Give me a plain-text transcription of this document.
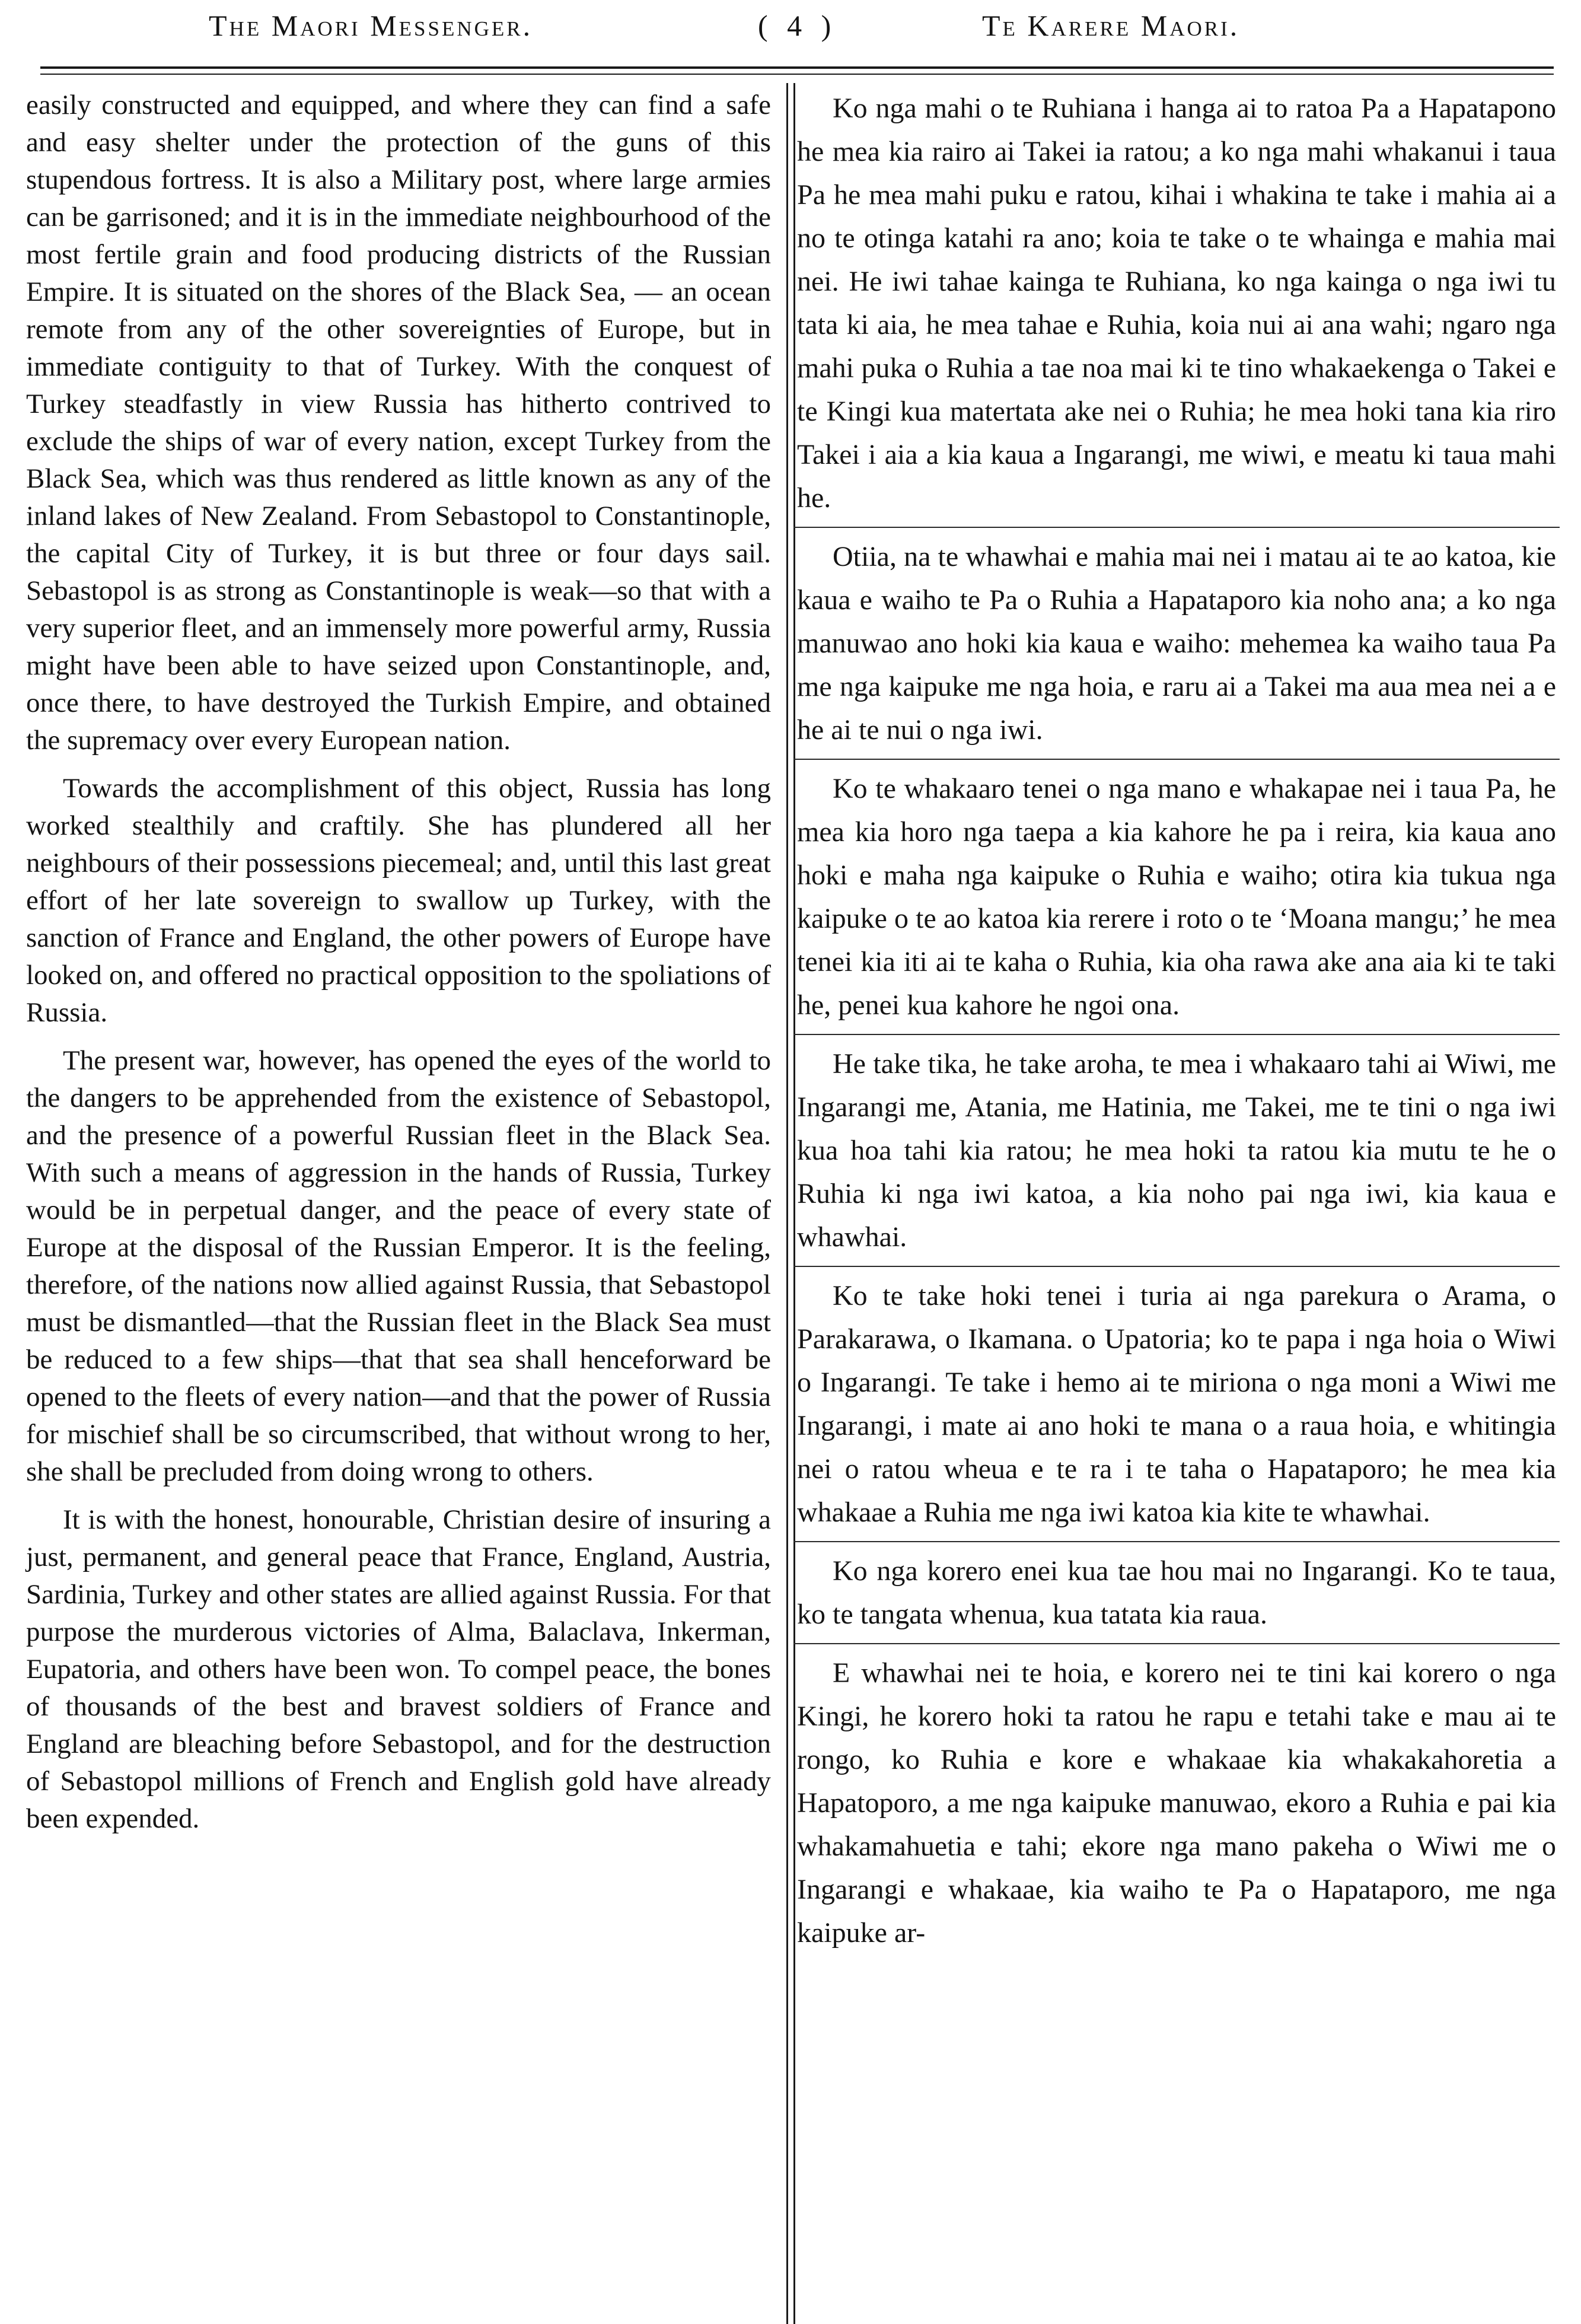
The Maori Messenger.	( 4 )	Te Karere Maori.

easily constructed and equipped, and where they can find a safe and easy shelter under the protection of the guns of this stupendous fortress. It is also a Military post, where large armies can be garrisoned; and it is in the immediate neighbourhood of the most fertile grain and food producing districts of the Russian Empire. It is situated on the shores of the Black Sea, — an ocean remote from any of the other sovereignties of Europe, but in immediate contiguity to that of Turkey. With the conquest of Turkey steadfastly in view Russia has hitherto contrived to exclude the ships of war of every nation, except Turkey from the Black Sea, which was thus rendered as little known as any of the inland lakes of New Zealand. From Sebastopol to Constantinople, the capital City of Turkey, it is but three or four days sail. Sebastopol is as strong as Constantinople is weak—so that with a very superior fleet, and an immensely more powerful army, Russia might have been able to have seized upon Constantinople, and, once there, to have destroyed the Turkish Empire, and obtained the supremacy over every European nation.

Towards the accomplishment of this object, Russia has long worked stealthily and craftily. She has plundered all her neighbours of their possessions piecemeal; and, until this last great effort of her late sovereign to swallow up Turkey, with the sanction of France and England, the other powers of Europe have looked on, and offered no practical opposition to the spoliations of Russia.

The present war, however, has opened the eyes of the world to the dangers to be apprehended from the existence of Sebastopol, and the presence of a powerful Russian fleet in the Black Sea. With such a means of aggression in the hands of Russia, Turkey would be in perpetual danger, and the peace of every state of Europe at the disposal of the Russian Emperor. It is the feeling, therefore, of the nations now allied against Russia, that Sebastopol must be dismantled—that the Russian fleet in the Black Sea must be reduced to a few ships—that that sea shall henceforward be opened to the fleets of every nation—and that the power of Russia for mischief shall be so circumscribed, that without wrong to her, she shall be precluded from doing wrong to others.

It is with the honest, honourable, Christian desire of insuring a just, permanent, and general peace that France, England, Austria, Sardinia, Turkey and other states are allied against Russia. For that purpose the murderous victories of Alma, Balaclava, Inkerman, Eupatoria, and others have been won. To compel peace, the bones of thousands of the best and bravest soldiers of France and England are bleaching before Sebastopol, and for the destruction of Sebastopol millions of French and English gold have already been expended.

Ko nga mahi o te Ruhiana i hanga ai to ratoa Pa a Hapatapono he mea kia rairo ai Takei ia ratou; a ko nga mahi whakanui i taua Pa he mea mahi puku e ratou, kihai i whakina te take i mahia ai a no te otinga katahi ra ano; koia te take o te whainga e mahia mai nei. He iwi tahae kainga te Ruhiana, ko nga kainga o nga iwi tu tata ki aia, he mea tahae e Ruhia, koia nui ai ana wahi; ngaro nga mahi puka o Ruhia a tae noa mai ki te tino whakaekenga o Takei e te Kingi kua matertata ake nei o Ruhia; he mea hoki tana kia riro Takei i aia a kia kaua a Ingarangi, me wiwi, e meatu ki taua mahi he.

Otiia, na te whawhai e mahia mai nei i matau ai te ao katoa, kie kaua e waiho te Pa o Ruhia a Hapataporo kia noho ana; a ko nga manuwao ano hoki kia kaua e waiho: mehemea ka waiho taua Pa me nga kaipuke me nga hoia, e raru ai a Takei ma aua mea nei a e he ai te nui o nga iwi.

Ko te whakaaro tenei o nga mano e whakapae nei i taua Pa, he mea kia horo nga taepa a kia kahore he pa i reira, kia kaua ano hoki e maha nga kaipuke o Ruhia e waiho; otira kia tukua nga kaipuke o te ao katoa kia rerere i roto o te ‘Moana mangu;’ he mea tenei kia iti ai te kaha o Ruhia, kia oha rawa ake ana aia ki te taki he, penei kua kahore he ngoi ona.

He take tika, he take aroha, te mea i whakaaro tahi ai Wiwi, me Ingarangi me, Atania, me Hatinia, me Takei, me te tini o nga iwi kua hoa tahi kia ratou; he mea hoki ta ratou kia mutu te he o Ruhia ki nga iwi katoa, a kia noho pai nga iwi, kia kaua e whawhai.

Ko te take hoki tenei i turia ai nga parekura o Arama, o Parakarawa, o Ikamana. o Upatoria; ko te papa i nga hoia o Wiwi o Ingarangi. Te take i hemo ai te miriona o nga moni a Wiwi me Ingarangi, i mate ai ano hoki te mana o a raua hoia, e whitingia nei o ratou wheua e te ra i te taha o Hapataporo; he mea kia whakaae a Ruhia me nga iwi katoa kia kite te whawhai.

Ko nga korero enei kua tae hou mai no Ingarangi. Ko te taua, ko te tangata whenua, kua tatata kia raua.

E whawhai nei te hoia, e korero nei te tini kai korero o nga Kingi, he korero hoki ta ratou he rapu e tetahi take e mau ai te rongo, ko Ruhia e kore e whakaae kia whakakahoretia a Hapatoporo, a me nga kaipuke manuwao, ekoro a Ruhia e pai kia whakamahuetia e tahi; ekore nga mano pakeha o Wiwi me o Ingarangi e whakaae, kia waiho te Pa o Hapataporo, me nga kaipuke ar-
